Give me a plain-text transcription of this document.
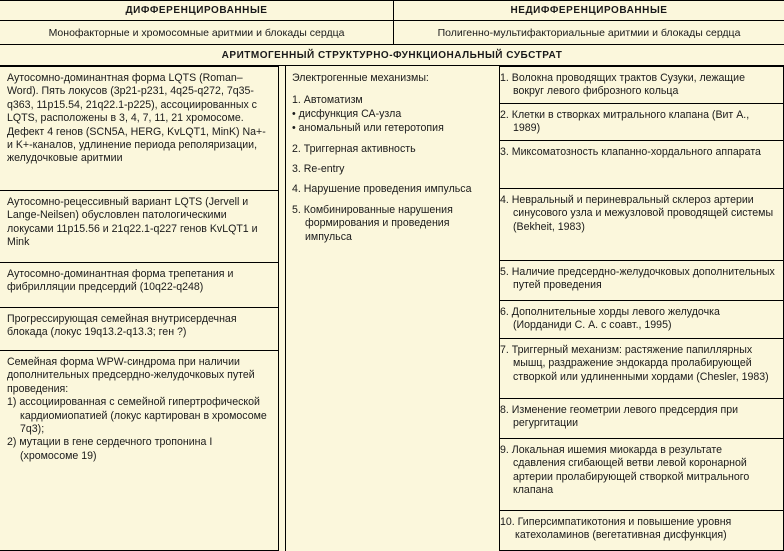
ДИФФЕРЕНЦИРОВАННЫЕ	НЕДИФФЕРЕНЦИРОВАННЫЕ
Монофакторные и хромосомные аритмии и блокады сердца	Полигенно-мультифакториальные аритмии и блокады сердца
АРИТМОГЕННЫЙ СТРУКТУРНО-ФУНКЦИОНАЛЬНЫЙ СУБСТРАТ
Аутосомно-доминантная форма LQTS (Roman–Word). Пять локусов (3p21-p231, 4q25-q272, 7q35-q363, 11p15.54, 21q22.1-p225), ассоциированных с LQTS, расположены в 3, 4, 7, 11, 21 хромосоме. Дефект 4 генов (SCN5A, HERG, KvLQT1, MinK) Na+- и K+-каналов, удлинение периода реполяризации, желудочковые аритмии
Аутосомно-рецессивный вариант LQTS (Jervell и Lange-Neilsen) обусловлен патологическими локусами 11p15.56 и 21q22.1-q227 генов KvLQT1 и Mink
Аутосомно-доминантная форма трепетания и фибрилляции предсердий (10q22-q248)
Прогрессирующая семейная внутрисердечная блокада (локус 19q13.2-q13.3; ген ?)
Семейная форма WPW-синдрома при наличии дополнительных предсердно-желудочковых путей проведения:
1) ассоциированная с семейной гипертрофической кардиомиопатией (локус картирован в хромосоме 7q3);
2) мутации в гене сердечного тропонина I (хромосоме 19)
Электрогенные механизмы:
1. Автоматизм
• дисфункция СА-узла
• аномальный или гетеротопия
2. Триггерная активность
3. Re-entry
4. Нарушение проведения импульса
5. Комбинированные нарушения формирования и проведения импульса
1. Волокна проводящих трактов Сузуки, лежащие вокруг левого фиброзного кольца
2. Клетки в створках митрального клапана (Вит А., 1989)
3. Миксоматозность клапанно-хордального аппарата
4. Невральный и периневральный склероз артерии синусового узла и межузловой проводящей системы (Bekheit, 1983)
5. Наличие предсердно-желудочковых дополнительных путей проведения
6. Дополнительные хорды левого желудочка (Иорданиди С. А. с соавт., 1995)
7. Триггерный механизм: растяжение папиллярных мышц, раздражение эндокарда пролабирующей створкой или удлиненными хордами (Chesler, 1983)
8. Изменение геометрии левого предсердия при регургитации
9. Локальная ишемия миокарда в результате сдавления сгибающей ветви левой коронарной артерии пролабирующей створкой митрального клапана
10. Гиперсимпатикотония и повышение уровня катехоламинов (вегетативная дисфункция)
